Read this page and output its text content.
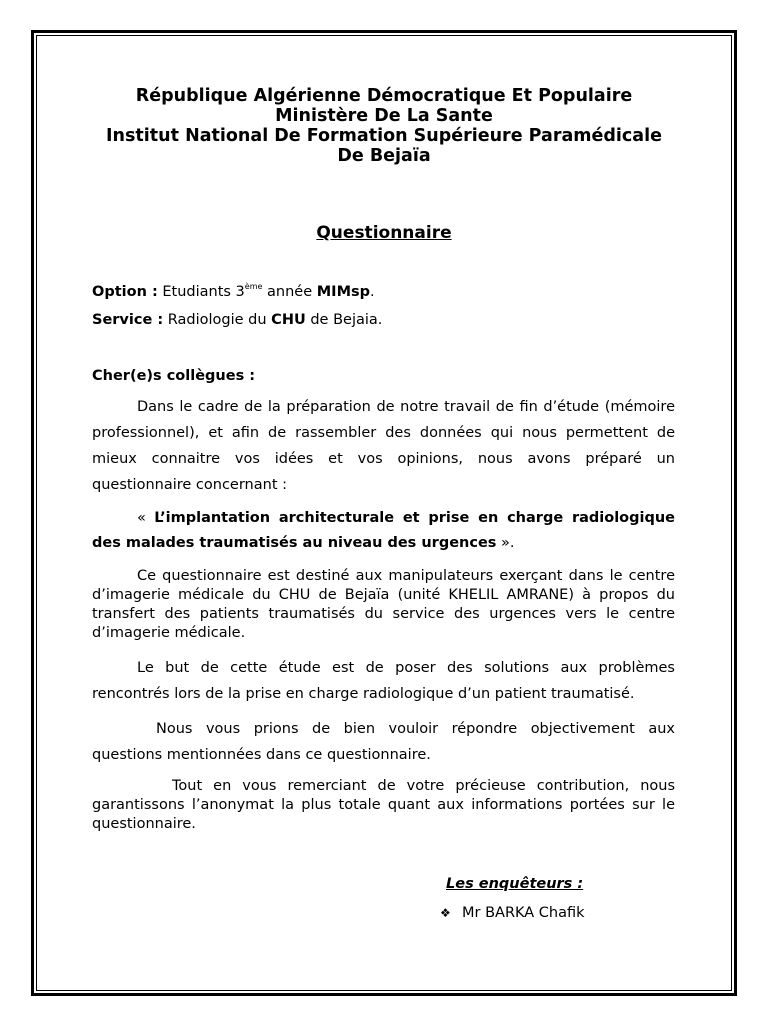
République Algérienne Démocratique Et Populaire
Ministère De La Sante
Institut National De Formation Supérieure Paramédicale
De Bejaïa
Questionnaire
Option : Etudiants 3ème année MIMsp.
Service : Radiologie du CHU de Bejaia.
Cher(e)s collègues :
Dans le cadre de la préparation de notre travail de fin d’étude (mémoire professionnel), et afin de rassembler des données qui nous permettent de mieux connaitre vos idées et vos opinions, nous avons préparé un questionnaire concernant :
« L’implantation architecturale et prise en charge radiologique des malades traumatisés au niveau des urgences ».
Ce questionnaire est destiné aux manipulateurs exerçant dans le centre d’imagerie médicale du CHU de Bejaïa (unité KHELIL AMRANE) à propos du transfert des patients traumatisés du service des urgences vers le centre d’imagerie médicale.
Le but de cette étude est de poser des solutions aux problèmes rencontrés lors de la prise en charge radiologique d’un patient traumatisé.
Nous vous prions de bien vouloir répondre objectivement aux questions mentionnées dans ce questionnaire.
Tout en vous remerciant de votre précieuse contribution, nous garantissons l’anonymat la plus totale quant aux informations portées sur le questionnaire.
Les enquêteurs :
❖ Mr BARKA Chafik
